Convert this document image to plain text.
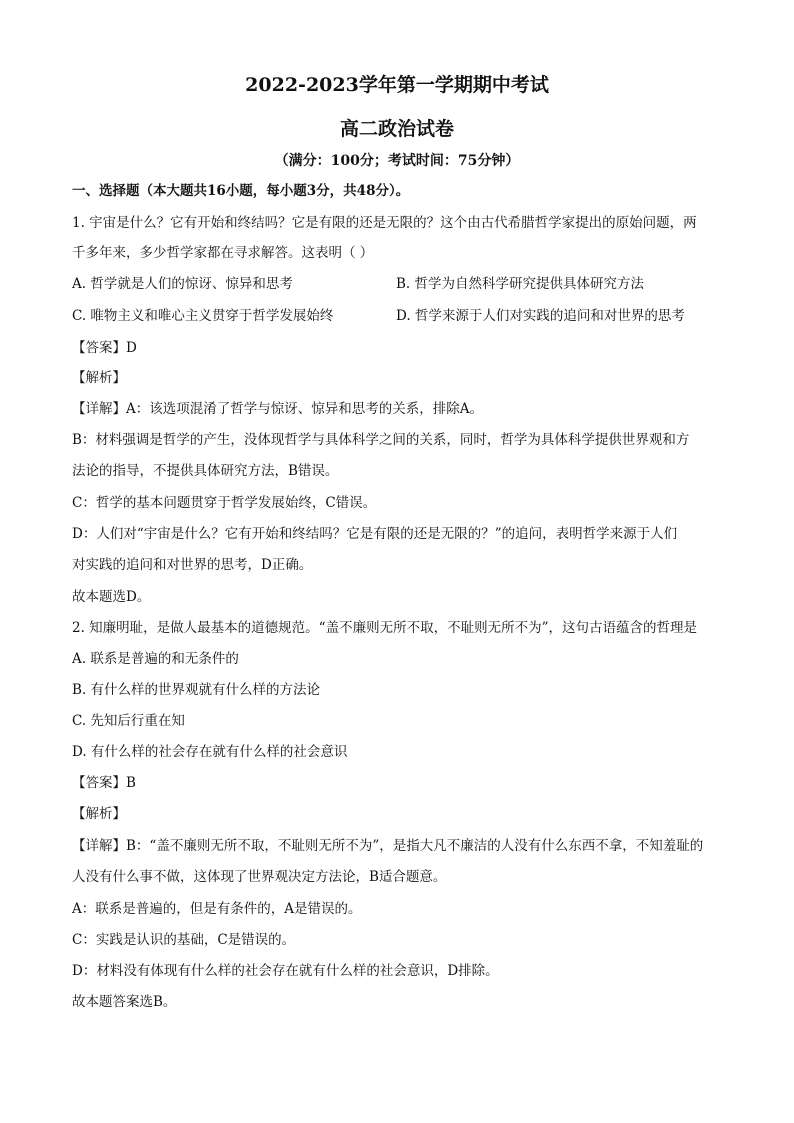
2022-2023学年第一学期期中考试
高二政治试卷
（满分：100分；考试时间：75分钟）
一、选择题（本大题共16小题，每小题3分，共48分）。
1. 宇宙是什么？它有开始和终结吗？它是有限的还是无限的？这个由古代希腊哲学家提出的原始问题，两
千多年来，多少哲学家都在寻求解答。这表明（ ）
A. 哲学就是人们的惊讶、惊异和思考	B. 哲学为自然科学研究提供具体研究方法
C. 唯物主义和唯心主义贯穿于哲学发展始终	D. 哲学来源于人们对实践的追问和对世界的思考
【答案】D
【解析】
【详解】A：该选项混淆了哲学与惊讶、惊异和思考的关系，排除A。
B：材料强调是哲学的产生，没体现哲学与具体科学之间的关系，同时，哲学为具体科学提供世界观和方
法论的指导，不提供具体研究方法，B错误。
C：哲学的基本问题贯穿于哲学发展始终，C错误。
D：人们对“宇宙是什么？它有开始和终结吗？它是有限的还是无限的？”的追问，表明哲学来源于人们
对实践的追问和对世界的思考，D正确。
故本题选D。
2. 知廉明耻，是做人最基本的道德规范。“盖不廉则无所不取，不耻则无所不为”，这句古语蕴含的哲理是
A. 联系是普遍的和无条件的
B. 有什么样的世界观就有什么样的方法论
C. 先知后行重在知
D. 有什么样的社会存在就有什么样的社会意识
【答案】B
【解析】
【详解】B：“盖不廉则无所不取，不耻则无所不为”，是指大凡不廉洁的人没有什么东西不拿，不知羞耻的
人没有什么事不做，这体现了世界观决定方法论，B适合题意。
A：联系是普遍的，但是有条件的，A是错误的。
C：实践是认识的基础，C是错误的。
D：材料没有体现有什么样的社会存在就有什么样的社会意识，D排除。
故本题答案选B。
